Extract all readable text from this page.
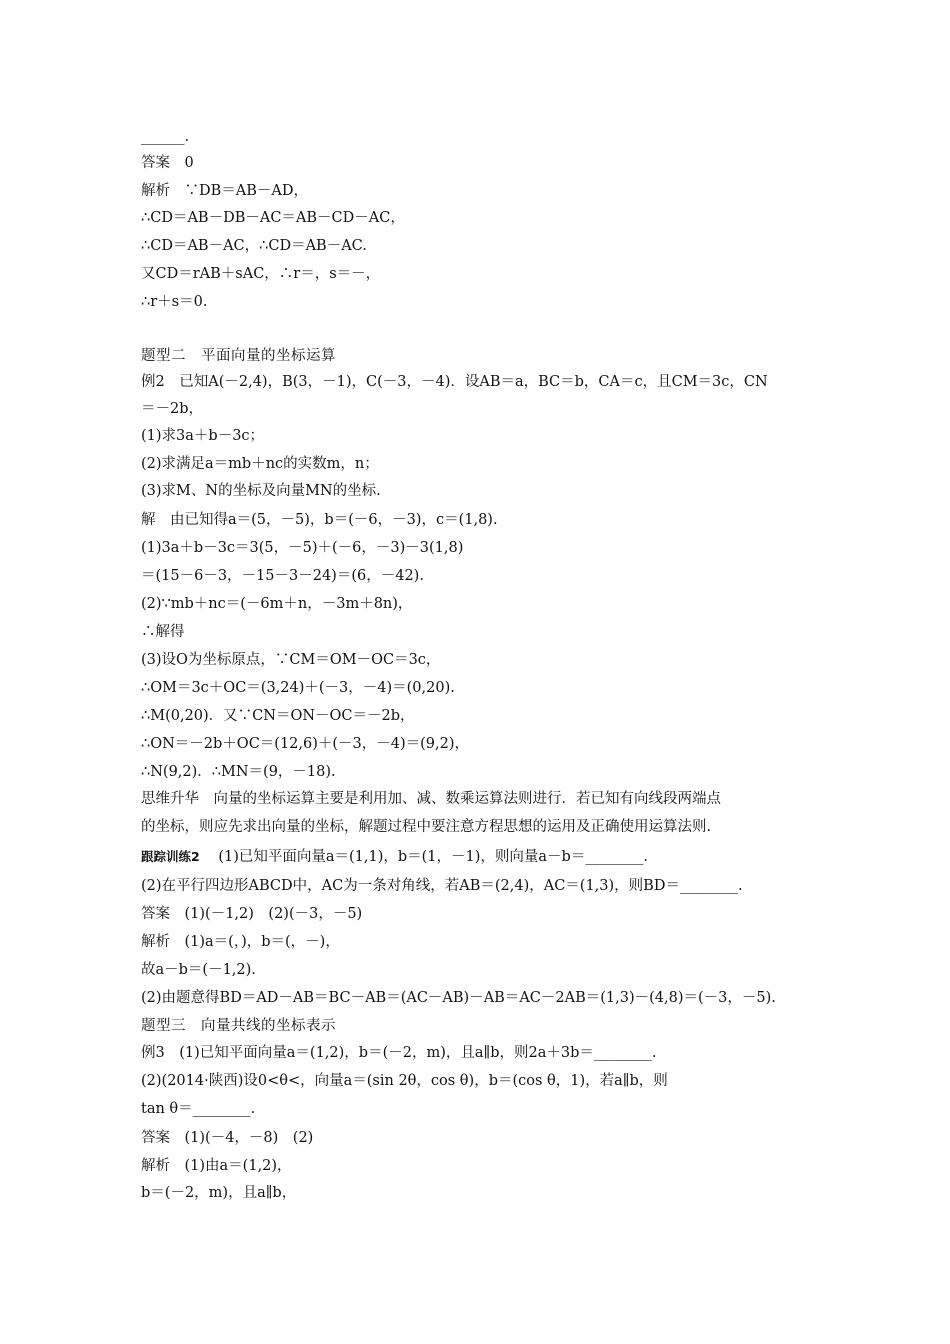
______.
答案　0
解析　∵DB＝AB－AD，
∴CD＝AB－DB－AC＝AB－CD－AC，
∴CD＝AB－AC，∴CD＝AB－AC.
又CD＝rAB＋sAC，∴r＝，s＝－，
∴r＋s＝0.
题型二　平面向量的坐标运算
例2　已知A(－2,4)，B(3，－1)，C(－3，－4)．设AB＝a，BC＝b，CA＝c，且CM＝3c，CN
＝－2b，
(1)求3a＋b－3c；
(2)求满足a＝mb＋nc的实数m，n；
(3)求M、N的坐标及向量MN的坐标.
解　由已知得a＝(5，－5)，b＝(－6，－3)，c＝(1,8).
(1)3a＋b－3c＝3(5，－5)＋(－6，－3)－3(1,8)
＝(15－6－3，－15－3－24)＝(6，－42).
(2)∵mb＋nc＝(－6m＋n，－3m＋8n)，
∴解得
(3)设O为坐标原点，∵CM＝OM－OC＝3c，
∴OM＝3c＋OC＝(3,24)＋(－3，－4)＝(0,20).
∴M(0,20)．又∵CN＝ON－OC＝－2b，
∴ON＝－2b＋OC＝(12,6)＋(－3，－4)＝(9,2)，
∴N(9,2)．∴MN＝(9，－18).
思维升华　向量的坐标运算主要是利用加、减、数乘运算法则进行．若已知有向线段两端点
的坐标，则应先求出向量的坐标，解题过程中要注意方程思想的运用及正确使用运算法则.
跟踪训练2 (1)已知平面向量a＝(1,1)，b＝(1，－1)，则向量a－b＝________.
(2)在平行四边形ABCD中，AC为一条对角线，若AB＝(2,4)，AC＝(1,3)，则BD＝________.
答案　(1)(－1,2)　(2)(－3，－5)
解析　(1)a＝(，)，b＝(，－)，
故a－b＝(－1,2).
(2)由题意得BD＝AD－AB＝BC－AB＝(AC－AB)－AB＝AC－2AB＝(1,3)－(4,8)＝(－3，－5).
题型三　向量共线的坐标表示
例3　(1)已知平面向量a＝(1,2)，b＝(－2，m)，且a∥b，则2a＋3b＝________.
(2)(2014·陕西)设0<θ<，向量a＝(sin 2θ，cos θ)，b＝(cos θ，1)，若a∥b，则
tan θ＝________.
答案　(1)(－4，－8)　(2)
解析　(1)由a＝(1,2)，
b＝(－2，m)，且a∥b，
